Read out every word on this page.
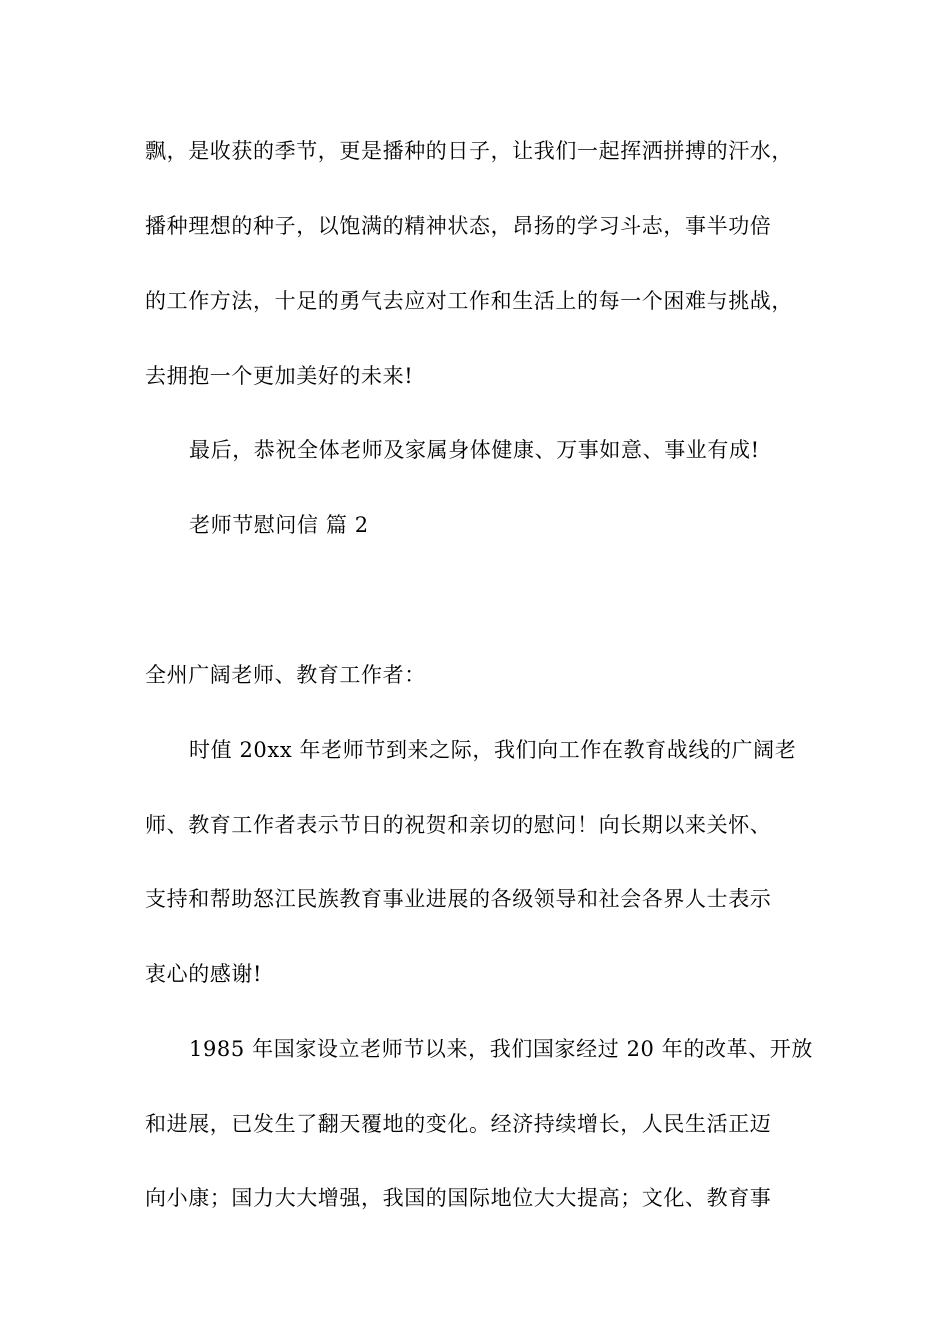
飘，是收获的季节，更是播种的日子，让我们一起挥洒拼搏的汗水，
播种理想的种子，以饱满的精神状态，昂扬的学习斗志，事半功倍
的工作方法，十足的勇气去应对工作和生活上的每一个困难与挑战，
去拥抱一个更加美好的未来!
最后，恭祝全体老师及家属身体健康、万事如意、事业有成!
老师节慰问信 篇 2
全州广阔老师、教育工作者：
时值 20xx 年老师节到来之际，我们向工作在教育战线的广阔老
师、教育工作者表示节日的祝贺和亲切的慰问！向长期以来关怀、
支持和帮助怒江民族教育事业进展的各级领导和社会各界人士表示
衷心的感谢!
1985 年国家设立老师节以来，我们国家经过 20 年的改革、开放
和进展，已发生了翻天覆地的变化。经济持续增长，人民生活正迈
向小康；国力大大增强，我国的国际地位大大提高；文化、教育事
